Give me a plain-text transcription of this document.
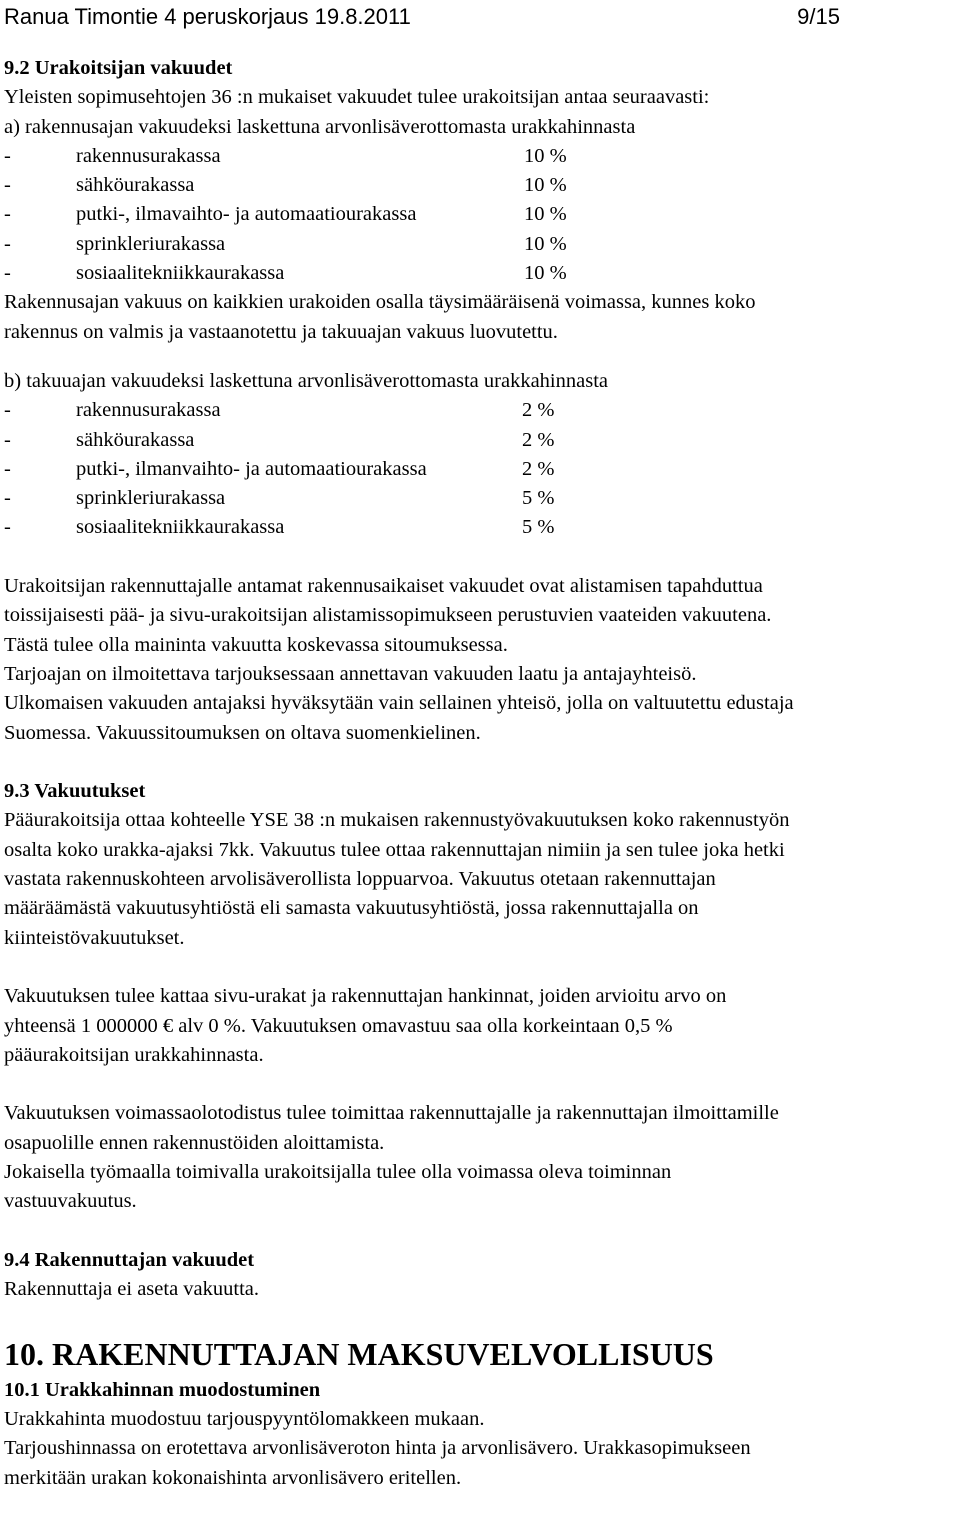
Ranua Timontie 4 peruskorjaus 19.8.2011	9/15
9.2 Urakoitsijan vakuudet
Yleisten sopimusehtojen 36 :n mukaiset vakuudet tulee urakoitsijan antaa seuraavasti:
a) rakennusajan vakuudeksi laskettuna arvonlisäverottomasta urakkahinnasta
-	rakennusurakassa	10 %
-	sähköurakassa	10 %
-	putki-, ilmavaihto- ja automaatiourakassa	10 %
-	sprinkleriurakassa	10 %
-	sosiaalitekniikkaurakassa	10 %
Rakennusajan vakuus on kaikkien urakoiden osalla täysimääräisenä voimassa, kunnes koko
rakennus on valmis ja vastaanotettu ja takuuajan vakuus luovutettu.
b) takuuajan vakuudeksi laskettuna arvonlisäverottomasta urakkahinnasta
-	rakennusurakassa	2 %
-	sähköurakassa	2 %
-	putki-, ilmanvaihto- ja automaatiourakassa	2 %
-	sprinkleriurakassa	5 %
-	sosiaalitekniikkaurakassa	5 %
Urakoitsijan rakennuttajalle antamat rakennusaikaiset vakuudet ovat alistamisen tapahduttua
toissijaisesti pää- ja sivu-urakoitsijan alistamissopimukseen perustuvien vaateiden vakuutena.
Tästä tulee olla maininta vakuutta koskevassa sitoumuksessa.
Tarjoajan on ilmoitettava tarjouksessaan annettavan vakuuden laatu ja antajayhteisö.
Ulkomaisen vakuuden antajaksi hyväksytään vain sellainen yhteisö, jolla on valtuutettu edustaja
Suomessa. Vakuussitoumuksen on oltava suomenkielinen.
9.3 Vakuutukset
Pääurakoitsija ottaa kohteelle YSE 38 :n mukaisen rakennustyövakuutuksen koko rakennustyön
osalta koko urakka-ajaksi 7kk. Vakuutus tulee ottaa rakennuttajan nimiin ja sen tulee joka hetki
vastata rakennuskohteen arvolisäverollista loppuarvoa. Vakuutus otetaan rakennuttajan
määräämästä vakuutusyhtiöstä eli samasta vakuutusyhtiöstä, jossa rakennuttajalla on
kiinteistövakuutukset.
Vakuutuksen tulee kattaa sivu-urakat ja rakennuttajan hankinnat, joiden arvioitu arvo on
yhteensä 1 000000 € alv 0 %. Vakuutuksen omavastuu saa olla korkeintaan 0,5 %
pääurakoitsijan urakkahinnasta.
Vakuutuksen voimassaolotodistus tulee toimittaa rakennuttajalle ja rakennuttajan ilmoittamille
osapuolille ennen rakennustöiden aloittamista.
Jokaisella työmaalla toimivalla urakoitsijalla tulee olla voimassa oleva toiminnan
vastuuvakuutus.
9.4 Rakennuttajan vakuudet
Rakennuttaja ei aseta vakuutta.
10. RAKENNUTTAJAN MAKSUVELVOLLISUUS
10.1 Urakkahinnan muodostuminen
Urakkahinta muodostuu tarjouspyyntölomakkeen mukaan.
Tarjoushinnassa on erotettava arvonlisäveroton hinta ja arvonlisävero. Urakkasopimukseen
merkitään urakan kokonaishinta arvonlisävero eritellen.
